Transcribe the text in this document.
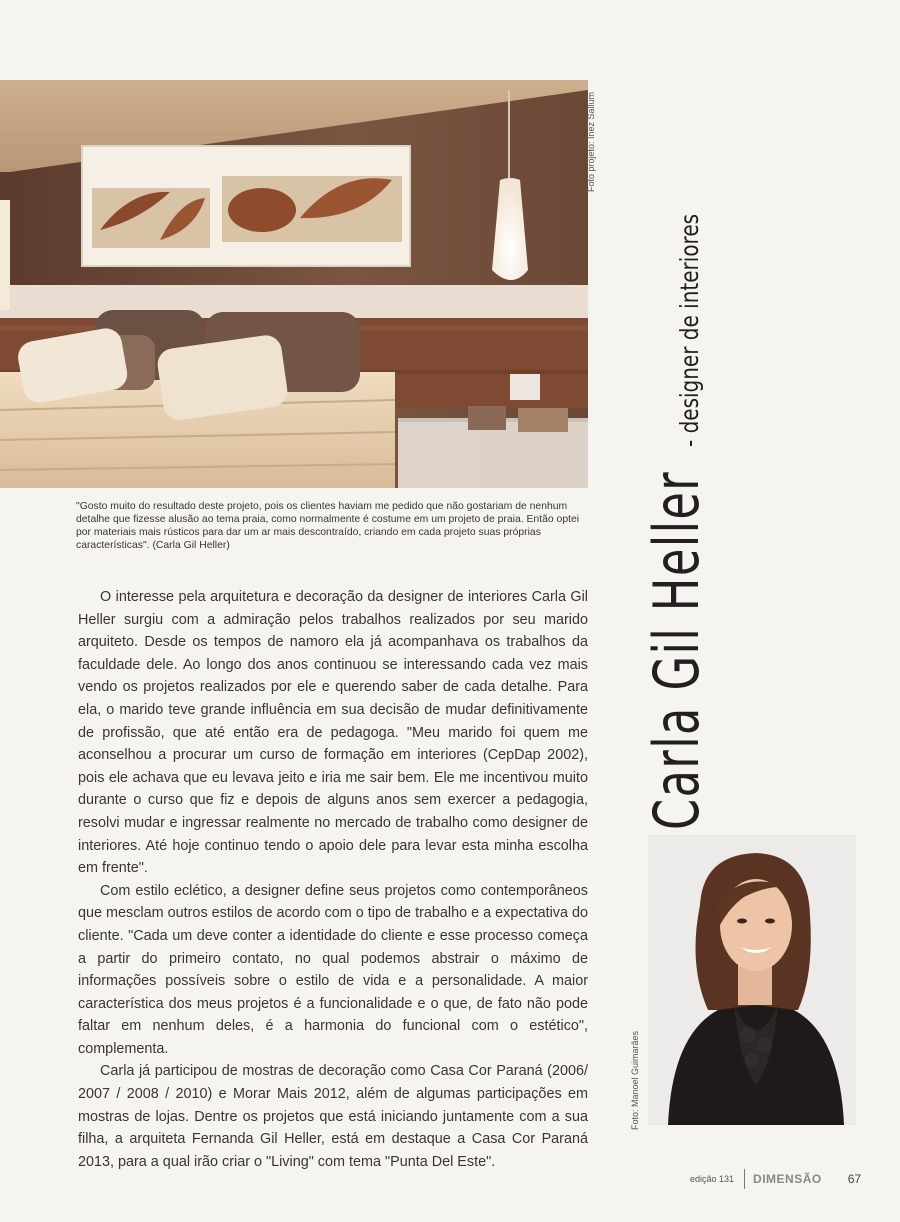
Foto projeto: Inez Sallum

"Gosto muito do resultado deste projeto, pois os clientes haviam me pedido que não gostariam de nenhum detalhe que fizesse alusão ao tema praia, como normalmente é costume em um projeto de praia. Então optei por materiais mais rústicos para dar um ar mais descontraído, criando em cada projeto suas próprias características". (Carla Gil Heller)	Carla Gil Heller
- designer de interiores

O interesse pela arquitetura e decoração da designer de interiores Carla Gil Heller surgiu com a admiração pelos trabalhos realizados por seu marido arquiteto. Desde os tempos de namoro ela já acompanhava os trabalhos da faculdade dele. Ao longo dos anos continuou se interessando cada vez mais vendo os projetos realizados por ele e querendo saber de cada detalhe. Para ela, o marido teve grande influência em sua decisão de mudar definitivamente de profissão, que até então era de pedagoga. "Meu marido foi quem me aconselhou a procurar um curso de formação em interiores (CepDap 2002), pois ele achava que eu levava jeito e iria me sair bem. Ele me incentivou muito durante o curso que fiz e depois de alguns anos sem exercer a pedagogia, resolvi mudar e ingressar realmente no mercado de trabalho como designer de interiores. Até hoje continuo tendo o apoio dele para levar esta minha escolha em frente".

Com estilo eclético, a designer define seus projetos como contemporâneos que mesclam outros estilos de acordo com o tipo de trabalho e a expectativa do cliente. "Cada um deve conter a identidade do cliente e esse processo começa a partir do primeiro contato, no qual podemos abstrair o máximo de informações possíveis sobre o estilo de vida e a personalidade. A maior característica dos meus projetos é a funcionalidade e o que, de fato não pode faltar em nenhum deles, é a harmonia do funcional com o estético", complementa.

Carla já participou de mostras de decoração como Casa Cor Paraná (2006/ 2007 / 2008 / 2010) e Morar Mais 2012, além de algumas participações em mostras de lojas. Dentre os projetos que está iniciando juntamente com a sua filha, a arquiteta Fernanda Gil Heller, está em destaque a Casa Cor Paraná 2013, para a qual irão criar o "Living" com tema "Punta Del Este".

Foto: Manoel Guimarães
edição 131 DIMENSÃO 67
